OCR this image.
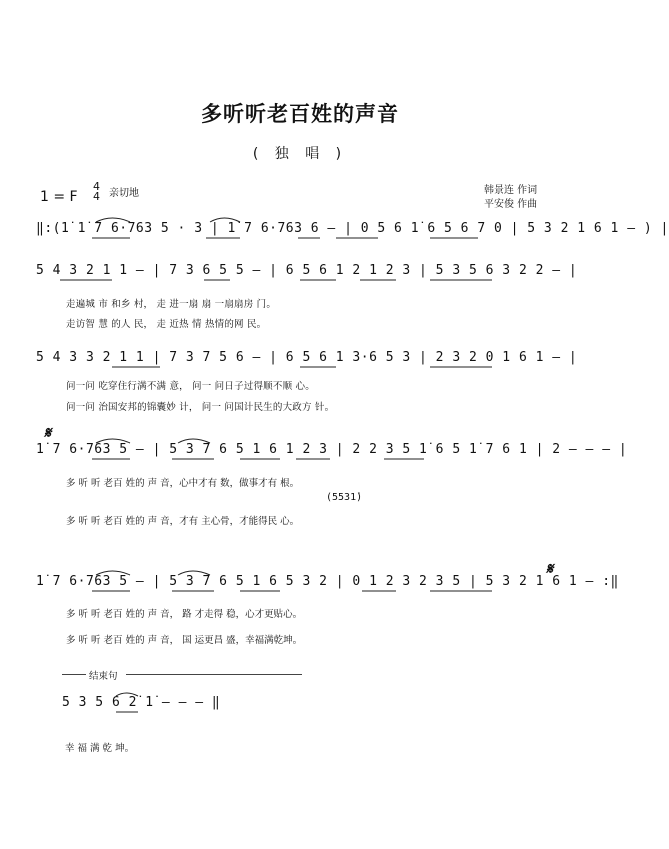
多听听老百姓的声音
( 独 唱 )
1 = F
4
4 亲切地	韩景连 作词
平安俊 作曲
‖:(1̇ 1̇ 7 6·763 5 · 3 | 1̇ 7 6·763 6 — | 0 5 6 1̇ 6 5 6 7 0 | 5 3 2 1 6 1 — ) |
5 4 3 2 1 1 — | 7 3 6 5 5 — | 6 5 6 1 2 1 2 3 | 5 3 5 6 3 2 2 — |
走遍城 市 和乡 村， 走 进一扇 扇 一扇扇房 门。
走访智 慧 的人 民， 走 近热 情 热情的网 民。
5 4 3 3 2 1 1 | 7 3 7 5 6 — | 6 5 6 1 3·6 5 3 | 2 3 2 0 1 6 1 — |
问一问 吃穿住行满不满 意， 问一 问日子过得顺不顺 心。
问一问 治国安邦的锦囊妙 计， 问一 问国计民生的大政方 针。
𝄋
1̇ 7 6·763 5 — | 5 3 7 6 5 1 6 1 2 3 | 2 2 3 5 1̇ 6 5 1̇ 7 6 1 | 2 — — — |
多 听 听 老百 姓的 声 音，心中才有 数，做事才有 根。
(5531̇)
多 听 听 老百 姓的 声 音，才有 主心骨，才能得民 心。
𝄋
1̇ 7 6·763 5 — | 5 3 7 6 5 1 6 5 3 2 | 0 1 2 3 2 3 5 | 5 3 2 1 6 1 — :‖
多 听 听 老百 姓的 声 音， 路 才走得 稳，心才更贴心。
多 听 听 老百 姓的 声 音， 国 运更昌 盛，幸福满乾坤。
结束句
5 3 5 6 2̇ 1̇ — — — ‖
幸 福 满 乾 坤。
